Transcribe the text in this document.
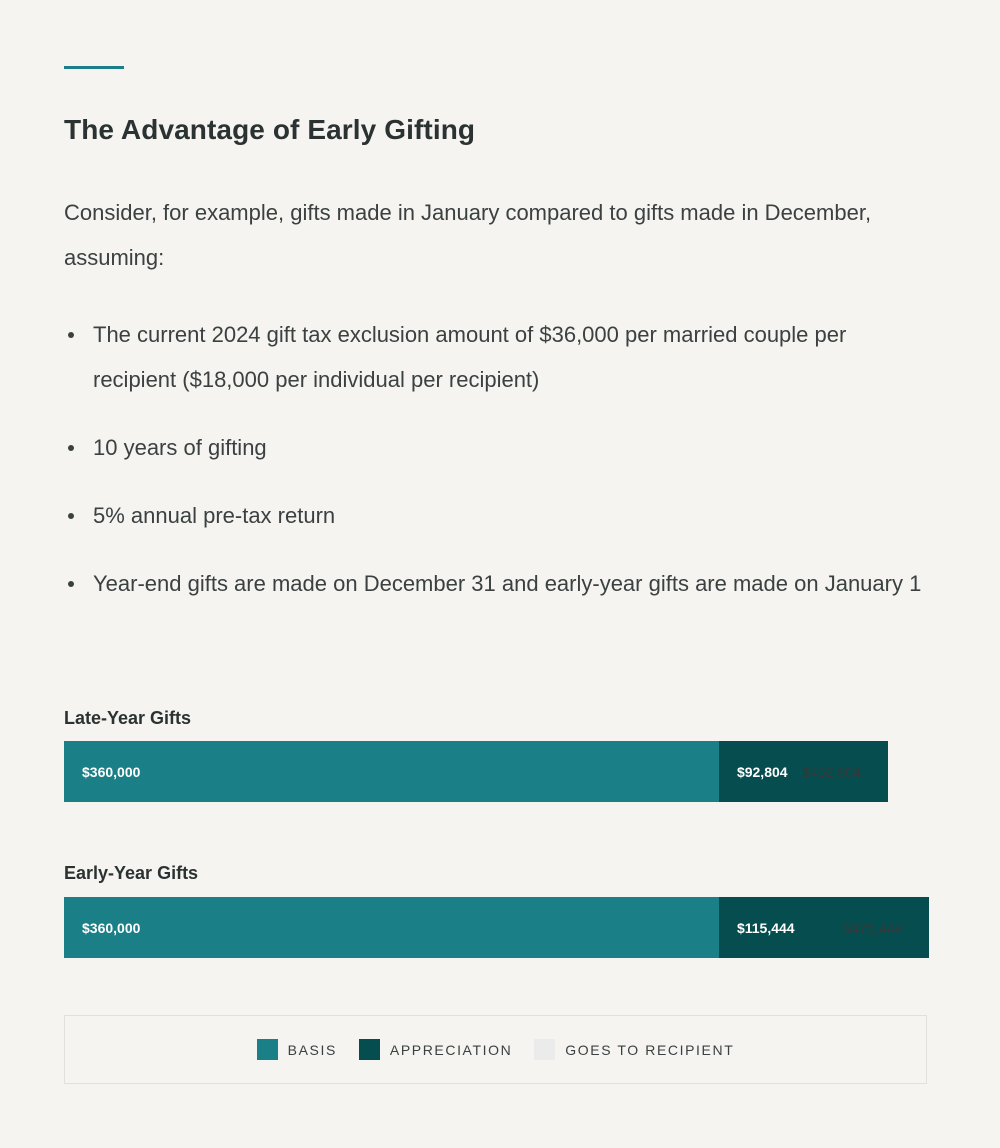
The Advantage of Early Gifting

Consider, for example, gifts made in January compared to gifts made in December, assuming:

The current 2024 gift tax exclusion amount of $36,000 per married couple per recipient ($18,000 per individual per recipient)
10 years of gifting
5% annual pre-tax return
Year-end gifts are made on December 31 and early-year gifts are made on January 1
Late-Year Gifts
$360,000	$92,804 $452,804
Early-Year Gifts
$360,000	$115,444	$475,444
BASIS	APPRECIATION	GOES TO RECIPIENT
